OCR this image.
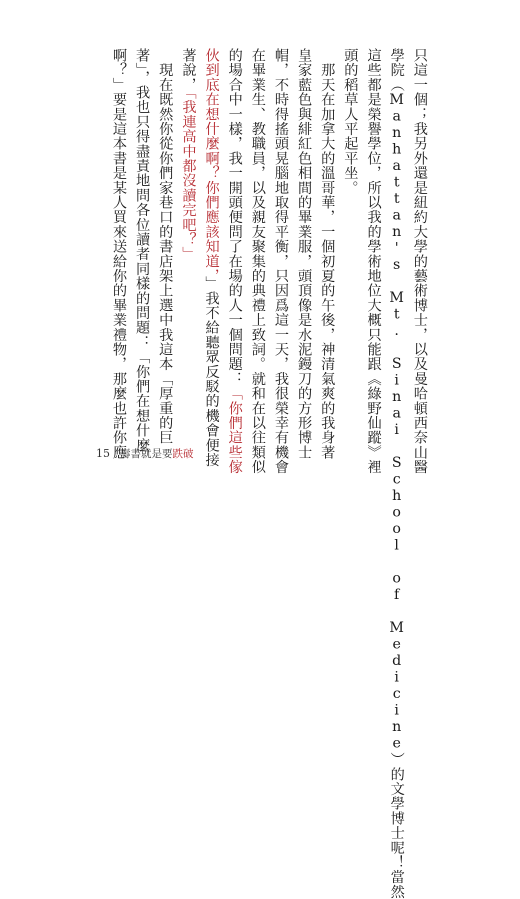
只這一個；我另外還是紐約大學的藝術博士，以及曼哈頓西奈山醫
學院（Manhattan's Mt. Sinai School of Medicine）的文學博士呢！當然
這些都是榮譽學位，所以我的學術地位大概只能跟《綠野仙蹤》裡
頭的稻草人平起平坐。
　那天在加拿大的溫哥華，一個初夏的午後，神清氣爽的我身著
皇家藍色與緋紅色相間的畢業服，頭頂像是水泥鏝刀的方形博士
帽，不時得搖頭晃腦地取得平衡，只因爲這一天，我很榮幸有機會
在畢業生、教職員，以及親友聚集的典禮上致詞。就和在以往類似
的場合中一樣，我一開頭便問了在場的人一個問題：「你們這些傢
伙到底在想什麼啊？你們應該知道，」我不給聽眾反駁的機會便接
著說，「我連高中都沒讀完吧？」
　現在既然你從你們家巷口的書店架上選中我這本「厚重的巨
著」，我也只得盡責地問各位讀者同樣的問題：「你們在想什麼
啊？」要是這本書是某人買來送給你的畢業禮物，那麼也許你應
15 壽書就是要跌破
